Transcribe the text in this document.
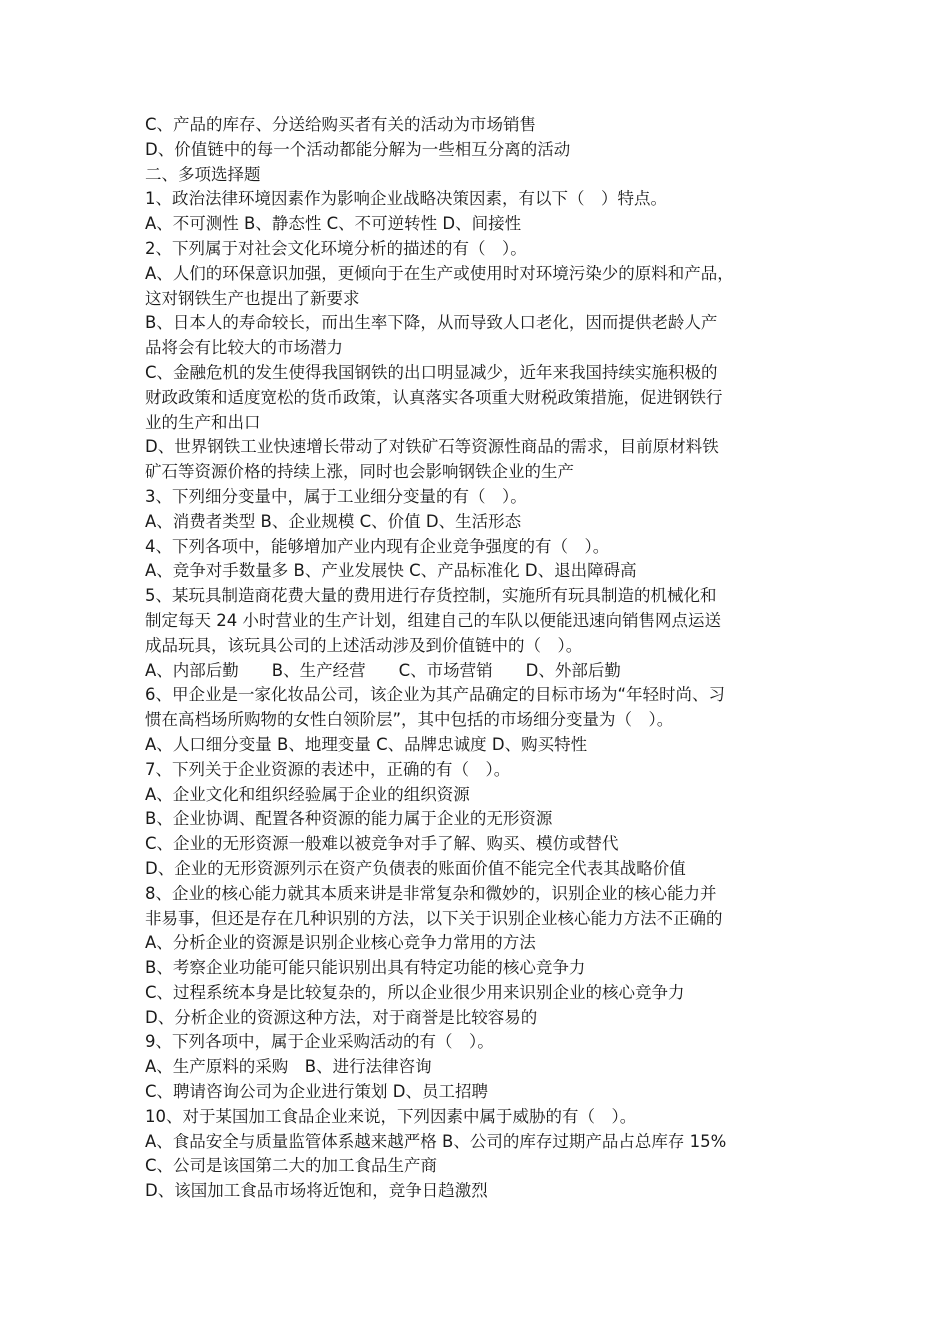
C、产品的库存、分送给购买者有关的活动为市场销售
D、价值链中的每一个活动都能分解为一些相互分离的活动
二、多项选择题
1、政治法律环境因素作为影响企业战略决策因素，有以下（　）特点。
A、不可测性 B、静态性 C、不可逆转性 D、间接性
2、下列属于对社会文化环境分析的描述的有（　）。
A、人们的环保意识加强，更倾向于在生产或使用时对环境污染少的原料和产品，
这对钢铁生产也提出了新要求
B、日本人的寿命较长，而出生率下降，从而导致人口老化，因而提供老龄人产
品将会有比较大的市场潜力
C、金融危机的发生使得我国钢铁的出口明显减少，近年来我国持续实施积极的
财政政策和适度宽松的货币政策，认真落实各项重大财税政策措施，促进钢铁行
业的生产和出口
D、世界钢铁工业快速增长带动了对铁矿石等资源性商品的需求，目前原材料铁
矿石等资源价格的持续上涨，同时也会影响钢铁企业的生产
3、下列细分变量中，属于工业细分变量的有（　）。
A、消费者类型 B、企业规模 C、价值 D、生活形态
4、下列各项中，能够增加产业内现有企业竞争强度的有（　）。
A、竞争对手数量多 B、产业发展快 C、产品标准化 D、退出障碍高
5、某玩具制造商花费大量的费用进行存货控制，实施所有玩具制造的机械化和
制定每天 24 小时营业的生产计划，组建自己的车队以便能迅速向销售网点运送
成品玩具，该玩具公司的上述活动涉及到价值链中的（　）。
A、内部后勤　　B、生产经营　　C、市场营销　　D、外部后勤
6、甲企业是一家化妆品公司，该企业为其产品确定的目标市场为“年轻时尚、习
惯在高档场所购物的女性白领阶层”，其中包括的市场细分变量为（　）。
A、人口细分变量 B、地理变量 C、品牌忠诚度 D、购买特性
7、下列关于企业资源的表述中，正确的有（　）。
A、企业文化和组织经验属于企业的组织资源
B、企业协调、配置各种资源的能力属于企业的无形资源
C、企业的无形资源一般难以被竞争对手了解、购买、模仿或替代
D、企业的无形资源列示在资产负债表的账面价值不能完全代表其战略价值
8、企业的核心能力就其本质来讲是非常复杂和微妙的，识别企业的核心能力并
非易事，但还是存在几种识别的方法，以下关于识别企业核心能力方法不正确的
A、分析企业的资源是识别企业核心竞争力常用的方法
B、考察企业功能可能只能识别出具有特定功能的核心竞争力
C、过程系统本身是比较复杂的，所以企业很少用来识别企业的核心竞争力
D、分析企业的资源这种方法，对于商誉是比较容易的
9、下列各项中，属于企业采购活动的有（　）。
A、生产原料的采购　B、进行法律咨询
C、聘请咨询公司为企业进行策划 D、员工招聘
10、对于某国加工食品企业来说，下列因素中属于威胁的有（　）。
A、食品安全与质量监管体系越来越严格 B、公司的库存过期产品占总库存 15%
C、公司是该国第二大的加工食品生产商
D、该国加工食品市场将近饱和，竞争日趋激烈
